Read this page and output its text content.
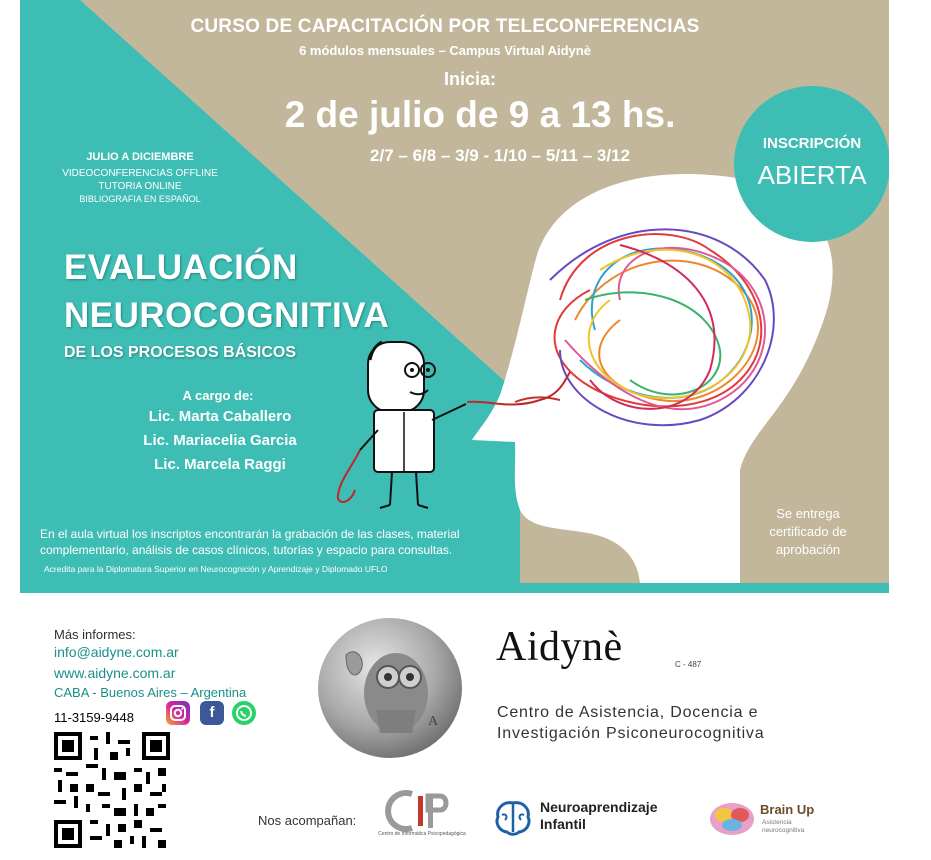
CURSO DE CAPACITACIÓN POR TELECONFERENCIAS
6 módulos mensuales – Campus Virtual Aidynè
Inicia:
2 de julio de 9 a 13 hs.
2/7 – 6/8 – 3/9 - 1/10 – 5/11 – 3/12
JULIO A DICIEMBRE
VIDEOCONFERENCIAS OFFLINE
TUTORIA ONLINE
BIBLIOGRAFIA EN ESPAÑOL
EVALUACIÓN
NEUROCOGNITIVA
DE LOS PROCESOS BÁSICOS
A cargo de:
Lic. Marta Caballero
Lic. Mariacelia Garcia
Lic. Marcela Raggi
En el aula virtual los inscriptos encontrarán la grabación de las clases, material complementario, análisis de casos clínicos, tutorías y espacio para consultas.
Acredita para la Diplomatura Superior en Neurocognición y Aprendizaje y Diplomado UFLO
INSCRIPCIÓN
ABIERTA
Se entrega certificado de aprobación
Más informes:
info@aidyne.com.ar
www.aidyne.com.ar
CABA - Buenos Aires – Argentina
11-3159-9448	f
A
Aidynè	C - 487
Centro de Asistencia, Docencia e
Investigación Psiconeurocognitiva
Nos acompañan:
Centro de Informática Psicopedagógica
Neuroaprendizaje
Infantil
Brain Up
Asistencia neurocognitiva
